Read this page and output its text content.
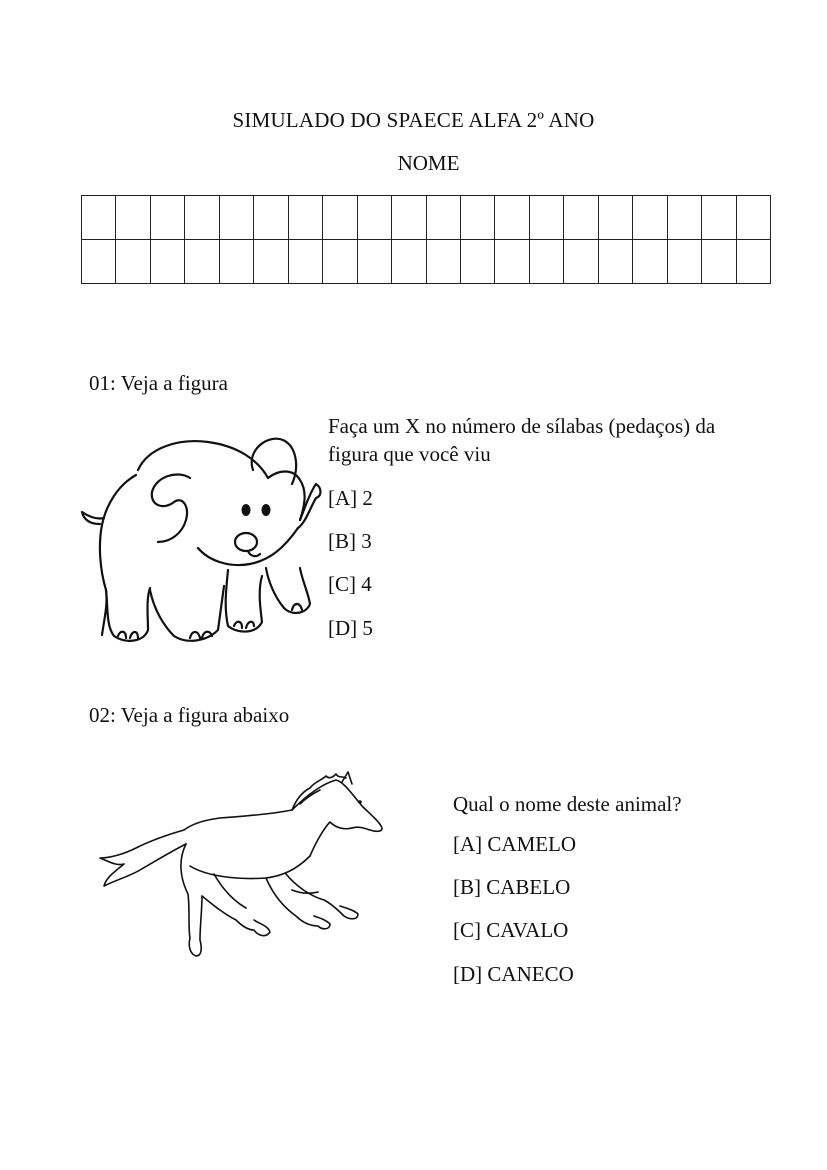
SIMULADO DO SPAECE ALFA 2º ANO
NOME
01: Veja a figura
Faça um X no número de sílabas (pedaços) da figura que você viu
[A] 2
[B] 3
[C] 4
[D] 5
02: Veja a figura abaixo
Qual o nome deste animal?
[A] CAMELO
[B] CABELO
[C] CAVALO
[D] CANECO
